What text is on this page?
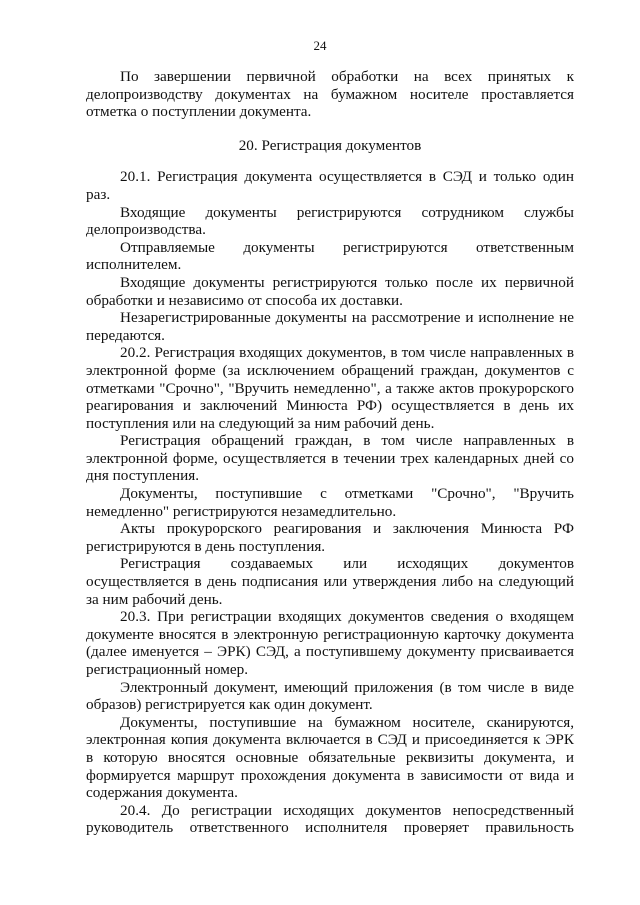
24

По завершении первичной обработки на всех принятых к делопроизводству документах на бумажном носителе проставляется отметка о поступлении документа.

20. Регистрация документов

20.1. Регистрация документа осуществляется в СЭД и только один раз.

Входящие документы регистрируются сотрудником службы делопроизводства.

Отправляемые документы регистрируются ответственным исполнителем.

Входящие документы регистрируются только после их первичной обработки и независимо от способа их доставки.

Незарегистрированные документы на рассмотрение и исполнение не передаются.

20.2. Регистрация входящих документов, в том числе направленных в электронной форме (за исключением обращений граждан, документов с отметками "Срочно", "Вручить немедленно", а также актов прокурорского реагирования и заключений Минюста РФ) осуществляется в день их поступления или на следующий за ним рабочий день.

Регистрация обращений граждан, в том числе направленных в электронной форме, осуществляется в течении трех календарных дней со дня поступления.

Документы, поступившие с отметками "Срочно", "Вручить немедленно" регистрируются незамедлительно.

Акты прокурорского реагирования и заключения Минюста РФ регистрируются в день поступления.

Регистрация создаваемых или исходящих документов осуществляется в день подписания или утверждения либо на следующий за ним рабочий день.

20.3. При регистрации входящих документов сведения о входящем документе вносятся в электронную регистрационную карточку документа (далее именуется – ЭРК) СЭД, а поступившему документу присваивается регистрационный номер.

Электронный документ, имеющий приложения (в том числе в виде образов) регистрируется как один документ.

Документы, поступившие на бумажном носителе, сканируются, электронная копия документа включается в СЭД и присоединяется к ЭРК в которую вносятся основные обязательные реквизиты документа, и формируется маршрут прохождения документа в зависимости от вида и содержания документа.

20.4. До регистрации исходящих документов непосредственный руководитель ответственного исполнителя проверяет правильность
